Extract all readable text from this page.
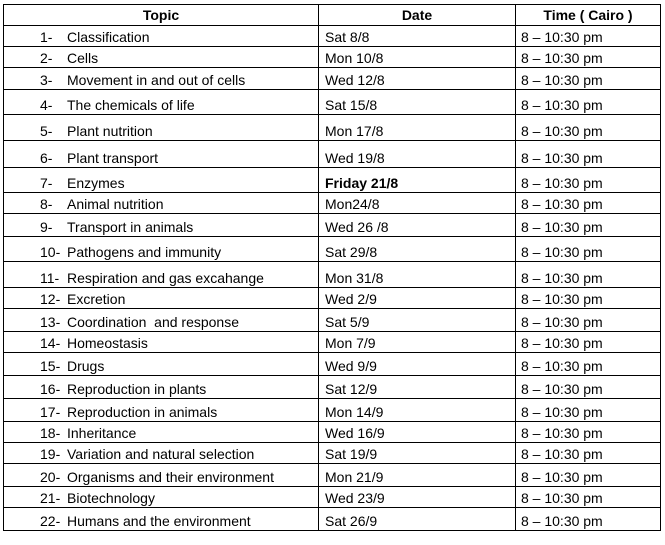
Topic	Date	Time ( Cairo )
1- Classification	Sat 8/8	8 – 10:30 pm
2- Cells	Mon 10/8	8 – 10:30 pm
3- Movement in and out of cells	Wed 12/8	8 – 10:30 pm
4- The chemicals of life	Sat 15/8	8 – 10:30 pm
5- Plant nutrition	Mon 17/8	8 – 10:30 pm
6- Plant transport	Wed 19/8	8 – 10:30 pm
7- Enzymes	Friday 21/8	8 – 10:30 pm
8- Animal nutrition	Mon24/8	8 – 10:30 pm
9- Transport in animals	Wed 26 /8	8 – 10:30 pm
10- Pathogens and immunity	Sat 29/8	8 – 10:30 pm
11- Respiration and gas excahange	Mon 31/8	8 – 10:30 pm
12- Excretion	Wed 2/9	8 – 10:30 pm
13- Coordination  and response	Sat 5/9	8 – 10:30 pm
14- Homeostasis	Mon 7/9	8 – 10:30 pm
15- Drugs	Wed 9/9	8 – 10:30 pm
16- Reproduction in plants	Sat 12/9	8 – 10:30 pm
17- Reproduction in animals	Mon 14/9	8 – 10:30 pm
18- Inheritance	Wed 16/9	8 – 10:30 pm
19- Variation and natural selection	Sat 19/9	8 – 10:30 pm
20- Organisms and their environment	Mon 21/9	8 – 10:30 pm
21- Biotechnology	Wed 23/9	8 – 10:30 pm
22- Humans and the environment	Sat 26/9	8 – 10:30 pm
